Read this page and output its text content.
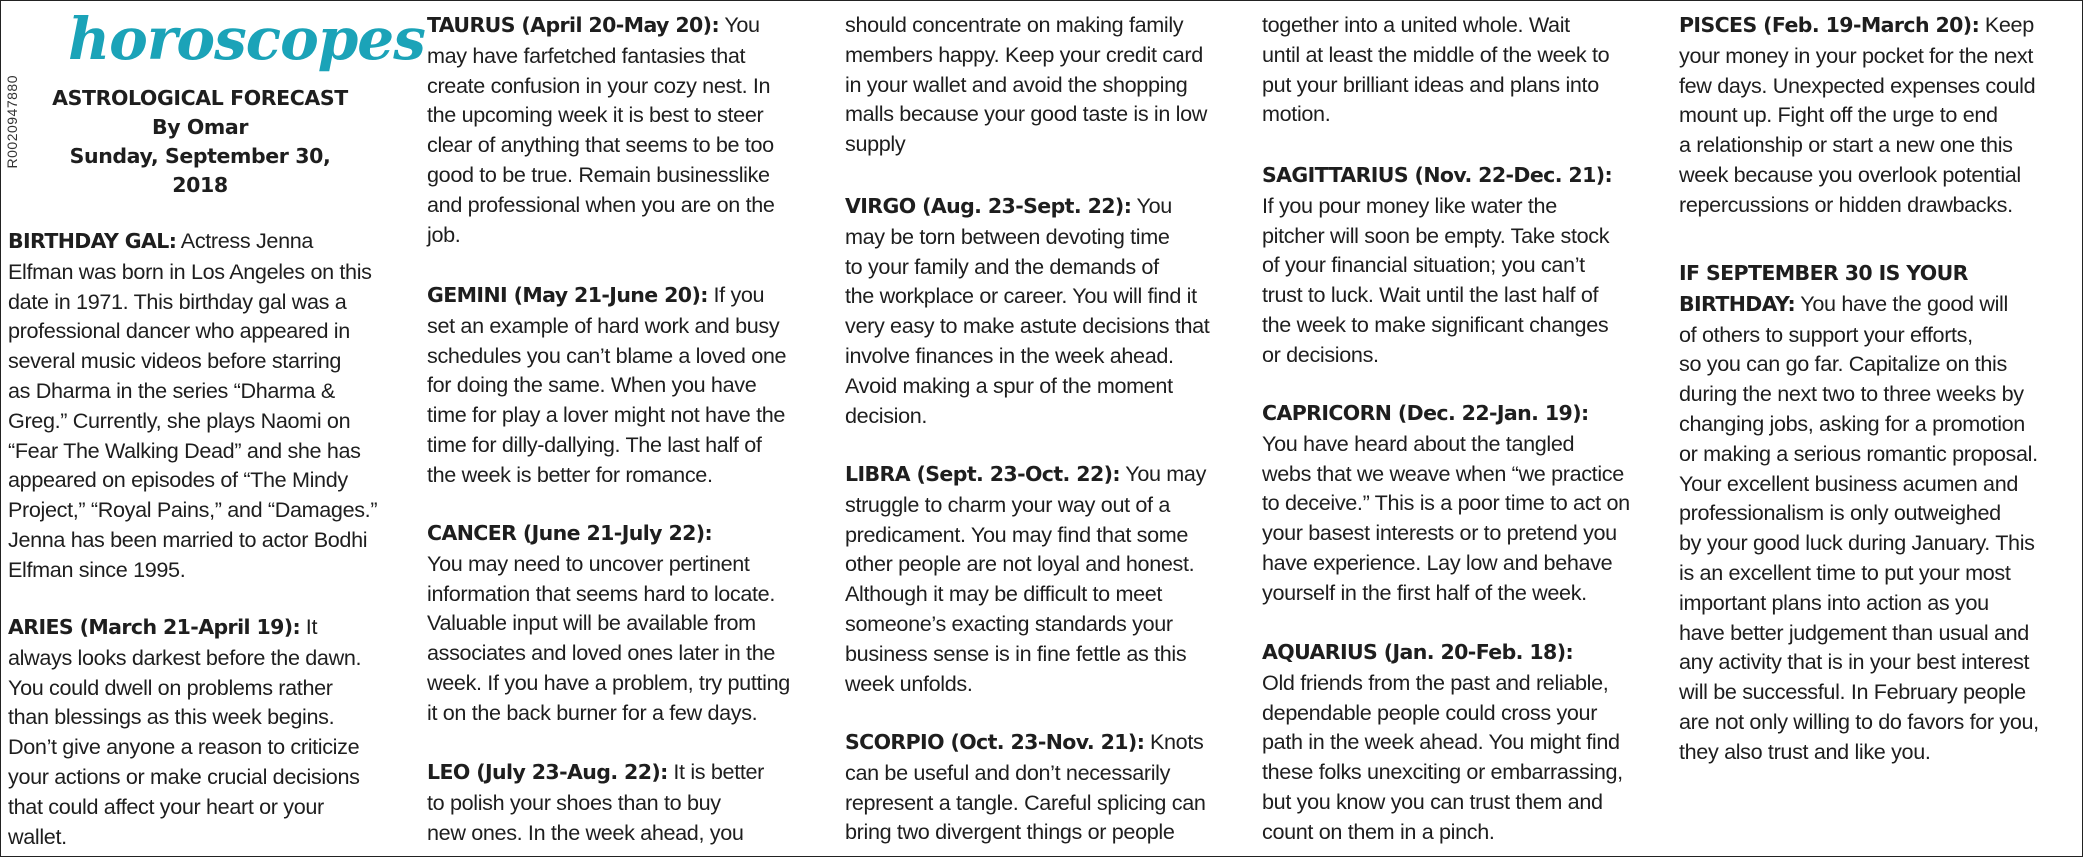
R0020947880
horoscopes
ASTROLOGICAL FORECAST
By Omar
Sunday, September 30, 2018
BIRTHDAY GAL: Actress Jenna
Elfman was born in Los Angeles on this
date in 1971. This birthday gal was a
professional dancer who appeared in
several music videos before starring
as Dharma in the series “Dharma &
Greg.” Currently, she plays Naomi on
“Fear The Walking Dead” and she has
appeared on episodes of “The Mindy
Project,” “Royal Pains,” and “Damages.”
Jenna has been married to actor Bodhi
Elfman since 1995.
ARIES (March 21-April 19): It
always looks darkest before the dawn.
You could dwell on problems rather
than blessings as this week begins.
Don’t give anyone a reason to criticize
your actions or make crucial decisions
that could affect your heart or your
wallet.
TAURUS (April 20-May 20): You
may have farfetched fantasies that
create confusion in your cozy nest. In
the upcoming week it is best to steer
clear of anything that seems to be too
good to be true. Remain businesslike
and professional when you are on the
job.
GEMINI (May 21-June 20): If you
set an example of hard work and busy
schedules you can’t blame a loved one
for doing the same. When you have
time for play a lover might not have the
time for dilly-dallying. The last half of
the week is better for romance.
CANCER (June 21-July 22):
You may need to uncover pertinent
information that seems hard to locate.
Valuable input will be available from
associates and loved ones later in the
week. If you have a problem, try putting
it on the back burner for a few days.
LEO (July 23-Aug. 22): It is better
to polish your shoes than to buy
new ones. In the week ahead, you
should concentrate on making family
members happy. Keep your credit card
in your wallet and avoid the shopping
malls because your good taste is in low
supply
VIRGO (Aug. 23-Sept. 22): You
may be torn between devoting time
to your family and the demands of
the workplace or career. You will find it
very easy to make astute decisions that
involve finances in the week ahead.
Avoid making a spur of the moment
decision.
LIBRA (Sept. 23-Oct. 22): You may
struggle to charm your way out of a
predicament. You may find that some
other people are not loyal and honest.
Although it may be difficult to meet
someone’s exacting standards your
business sense is in fine fettle as this
week unfolds.
SCORPIO (Oct. 23-Nov. 21): Knots
can be useful and don’t necessarily
represent a tangle. Careful splicing can
bring two divergent things or people
together into a united whole. Wait
until at least the middle of the week to
put your brilliant ideas and plans into
motion.
SAGITTARIUS (Nov. 22-Dec. 21):
If you pour money like water the
pitcher will soon be empty. Take stock
of your financial situation; you can’t
trust to luck. Wait until the last half of
the week to make significant changes
or decisions.
CAPRICORN (Dec. 22-Jan. 19):
You have heard about the tangled
webs that we weave when “we practice
to deceive.” This is a poor time to act on
your basest interests or to pretend you
have experience. Lay low and behave
yourself in the first half of the week.
AQUARIUS (Jan. 20-Feb. 18):
Old friends from the past and reliable,
dependable people could cross your
path in the week ahead. You might find
these folks unexciting or embarrassing,
but you know you can trust them and
count on them in a pinch.
PISCES (Feb. 19-March 20): Keep
your money in your pocket for the next
few days. Unexpected expenses could
mount up. Fight off the urge to end
a relationship or start a new one this
week because you overlook potential
repercussions or hidden drawbacks.
IF SEPTEMBER 30 IS YOUR
BIRTHDAY: You have the good will
of others to support your efforts,
so you can go far. Capitalize on this
during the next two to three weeks by
changing jobs, asking for a promotion
or making a serious romantic proposal.
Your excellent business acumen and
professionalism is only outweighed
by your good luck during January. This
is an excellent time to put your most
important plans into action as you
have better judgement than usual and
any activity that is in your best interest
will be successful. In February people
are not only willing to do favors for you,
they also trust and like you.
